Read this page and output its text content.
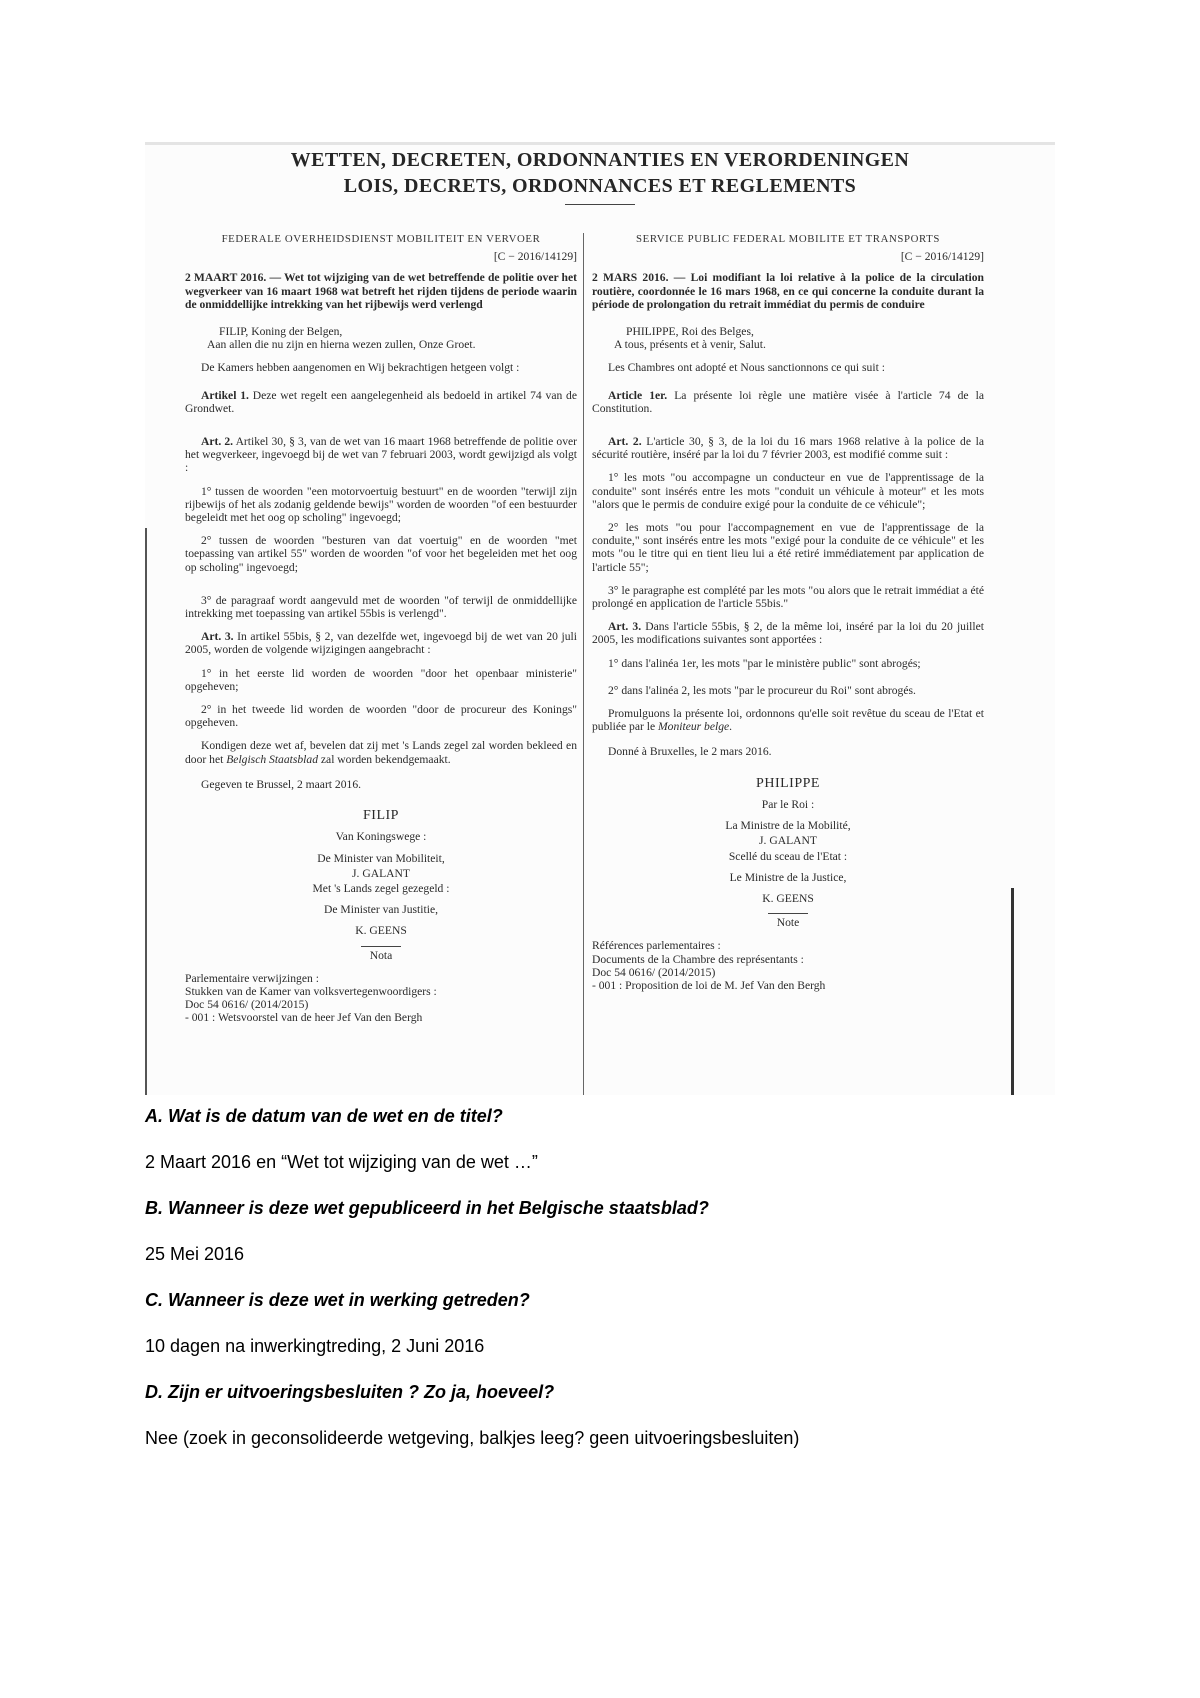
WETTEN, DECRETEN, ORDONNANTIES EN VERORDENINGEN
LOIS, DECRETS, ORDONNANCES ET REGLEMENTS
FEDERALE OVERHEIDSDIENST MOBILITEIT EN VERVOER
[C − 2016/14129]
2 MAART 2016. — Wet tot wijziging van de wet betreffende de politie over het wegverkeer van 16 maart 1968 wat betreft het rijden tijdens de periode waarin de onmiddellijke intrekking van het rijbewijs werd verlengd
FILIP, Koning der Belgen,
Aan allen die nu zijn en hierna wezen zullen, Onze Groet.
De Kamers hebben aangenomen en Wij bekrachtigen hetgeen volgt :
Artikel 1. Deze wet regelt een aangelegenheid als bedoeld in artikel 74 van de Grondwet.
Art. 2. Artikel 30, § 3, van de wet van 16 maart 1968 betreffende de politie over het wegverkeer, ingevoegd bij de wet van 7 februari 2003, wordt gewijzigd als volgt :
1° tussen de woorden "een motorvoertuig bestuurt" en de woorden "terwijl zijn rijbewijs of het als zodanig geldende bewijs" worden de woorden "of een bestuurder begeleidt met het oog op scholing" ingevoegd;
2° tussen de woorden "besturen van dat voertuig" en de woorden "met toepassing van artikel 55" worden de woorden "of voor het begeleiden met het oog op scholing" ingevoegd;
3° de paragraaf wordt aangevuld met de woorden "of terwijl de onmiddellijke intrekking met toepassing van artikel 55bis is verlengd".
Art. 3. In artikel 55bis, § 2, van dezelfde wet, ingevoegd bij de wet van 20 juli 2005, worden de volgende wijzigingen aangebracht :
1° in het eerste lid worden de woorden "door het openbaar ministerie" opgeheven;
2° in het tweede lid worden de woorden "door de procureur des Konings" opgeheven.
Kondigen deze wet af, bevelen dat zij met 's Lands zegel zal worden bekleed en door het Belgisch Staatsblad zal worden bekendgemaakt.
Gegeven te Brussel, 2 maart 2016.
FILIP
Van Koningswege :
De Minister van Mobiliteit,
J. GALANT
Met 's Lands zegel gezegeld :
De Minister van Justitie,
K. GEENS
Nota
Parlementaire verwijzingen :
Stukken van de Kamer van volksvertegenwoordigers :
Doc 54 0616/ (2014/2015)
- 001 : Wetsvoorstel van de heer Jef Van den Bergh
SERVICE PUBLIC FEDERAL MOBILITE ET TRANSPORTS
[C − 2016/14129]
2 MARS 2016. — Loi modifiant la loi relative à la police de la circulation routière, coordonnée le 16 mars 1968, en ce qui concerne la conduite durant la période de prolongation du retrait immédiat du permis de conduire
PHILIPPE, Roi des Belges,
A tous, présents et à venir, Salut.
Les Chambres ont adopté et Nous sanctionnons ce qui suit :
Article 1er. La présente loi règle une matière visée à l'article 74 de la Constitution.
Art. 2. L'article 30, § 3, de la loi du 16 mars 1968 relative à la police de la sécurité routière, inséré par la loi du 7 février 2003, est modifié comme suit :
1° les mots "ou accompagne un conducteur en vue de l'apprentissage de la conduite" sont insérés entre les mots "conduit un véhicule à moteur" et les mots "alors que le permis de conduire exigé pour la conduite de ce véhicule";
2° les mots "ou pour l'accompagnement en vue de l'apprentissage de la conduite," sont insérés entre les mots "exigé pour la conduite de ce véhicule" et les mots "ou le titre qui en tient lieu lui a été retiré immédiatement par application de l'article 55";
3° le paragraphe est complété par les mots "ou alors que le retrait immédiat a été prolongé en application de l'article 55bis."
Art. 3. Dans l'article 55bis, § 2, de la même loi, inséré par la loi du 20 juillet 2005, les modifications suivantes sont apportées :
1° dans l'alinéa 1er, les mots "par le ministère public" sont abrogés;
2° dans l'alinéa 2, les mots "par le procureur du Roi" sont abrogés.
Promulguons la présente loi, ordonnons qu'elle soit revêtue du sceau de l'Etat et publiée par le Moniteur belge.
Donné à Bruxelles, le 2 mars 2016.
PHILIPPE
Par le Roi :
La Ministre de la Mobilité,
J. GALANT
Scellé du sceau de l'Etat :
Le Ministre de la Justice,
K. GEENS
Note
Références parlementaires :
Documents de la Chambre des représentants :
Doc 54 0616/ (2014/2015)
- 001 : Proposition de loi de M. Jef Van den Bergh
A. Wat is de datum van de wet en de titel?
2 Maart 2016 en “Wet tot wijziging van de wet …”
B. Wanneer is deze wet gepubliceerd in het Belgische staatsblad?
25 Mei 2016
C. Wanneer is deze wet in werking getreden?
10 dagen na inwerkingtreding, 2 Juni 2016
D. Zijn er uitvoeringsbesluiten ? Zo ja, hoeveel?
Nee (zoek in geconsolideerde wetgeving, balkjes leeg? geen uitvoeringsbesluiten)
